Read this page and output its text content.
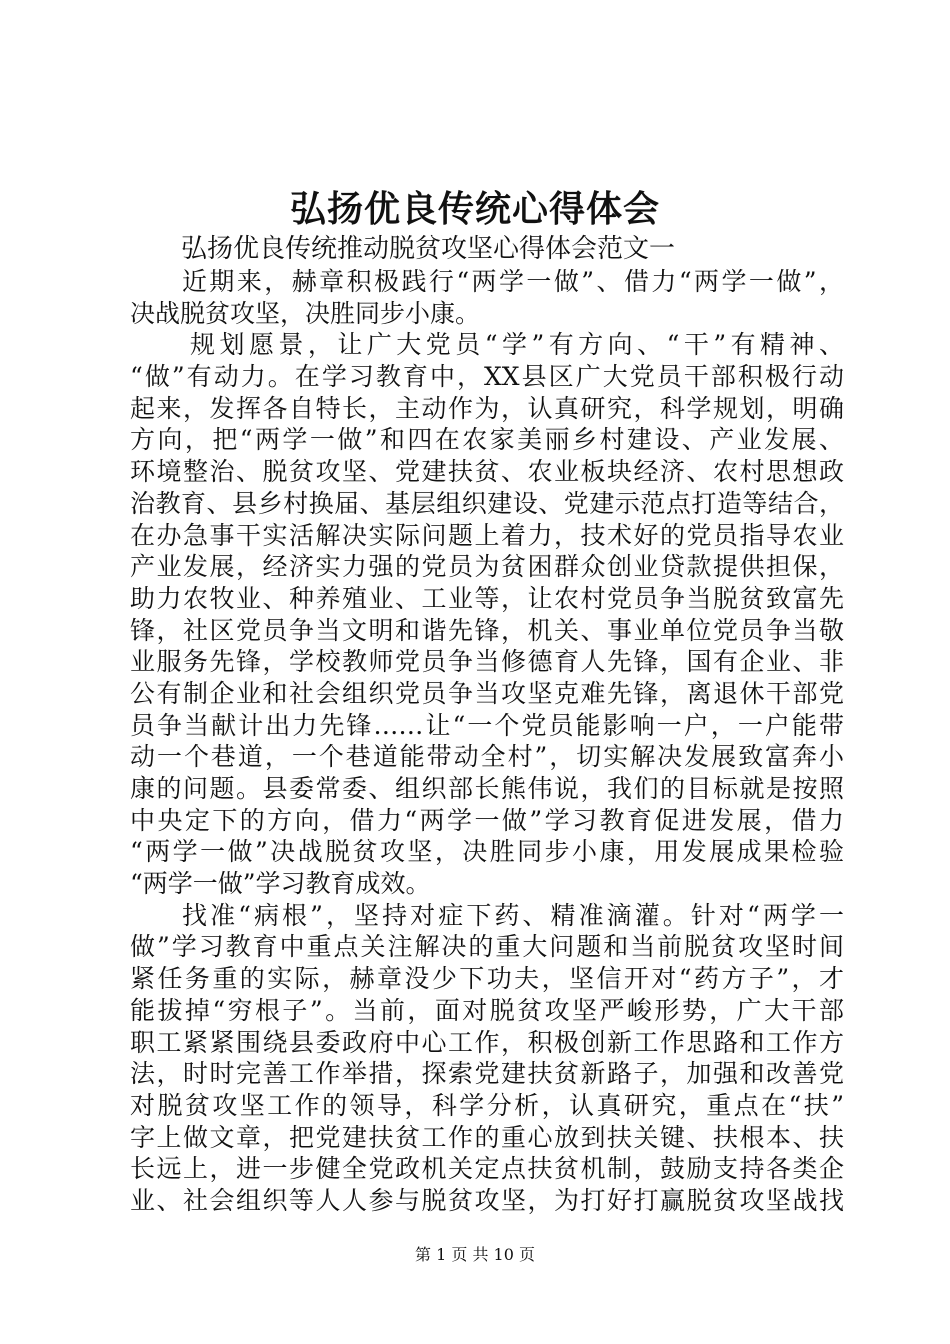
弘扬优良传统心得体会
弘扬优良传统推动脱贫攻坚心得体会范文一
近期来，赫章积极践行“两学一做”、借力“两学一做”，
决战脱贫攻坚，决胜同步小康。
规划愿景，让广大党员“学”有方向、“干”有精神、
“做”有动力。在学习教育中，XX县区广大党员干部积极行动
起来，发挥各自特长，主动作为，认真研究，科学规划，明确
方向，把“两学一做”和四在农家美丽乡村建设、产业发展、
环境整治、脱贫攻坚、党建扶贫、农业板块经济、农村思想政
治教育、县乡村换届、基层组织建设、党建示范点打造等结合，
在办急事干实活解决实际问题上着力，技术好的党员指导农业
产业发展，经济实力强的党员为贫困群众创业贷款提供担保，
助力农牧业、种养殖业、工业等，让农村党员争当脱贫致富先
锋，社区党员争当文明和谐先锋，机关、事业单位党员争当敬
业服务先锋，学校教师党员争当修德育人先锋，国有企业、非
公有制企业和社会组织党员争当攻坚克难先锋，离退休干部党
员争当献计出力先锋……让“一个党员能影响一户，一户能带
动一个巷道，一个巷道能带动全村”，切实解决发展致富奔小
康的问题。县委常委、组织部长熊伟说，我们的目标就是按照
中央定下的方向，借力“两学一做”学习教育促进发展，借力
“两学一做”决战脱贫攻坚，决胜同步小康，用发展成果检验
“两学一做”学习教育成效。
找准“病根”，坚持对症下药、精准滴灌。针对“两学一
做”学习教育中重点关注解决的重大问题和当前脱贫攻坚时间
紧任务重的实际，赫章没少下功夫，坚信开对“药方子”，才
能拔掉“穷根子”。当前，面对脱贫攻坚严峻形势，广大干部
职工紧紧围绕县委政府中心工作，积极创新工作思路和工作方
法，时时完善工作举措，探索党建扶贫新路子，加强和改善党
对脱贫攻坚工作的领导，科学分析，认真研究，重点在“扶”
字上做文章，把党建扶贫工作的重心放到扶关键、扶根本、扶
长远上，进一步健全党政机关定点扶贫机制，鼓励支持各类企
业、社会组织等人人参与脱贫攻坚，为打好打赢脱贫攻坚战找
第 1 页 共 10 页
